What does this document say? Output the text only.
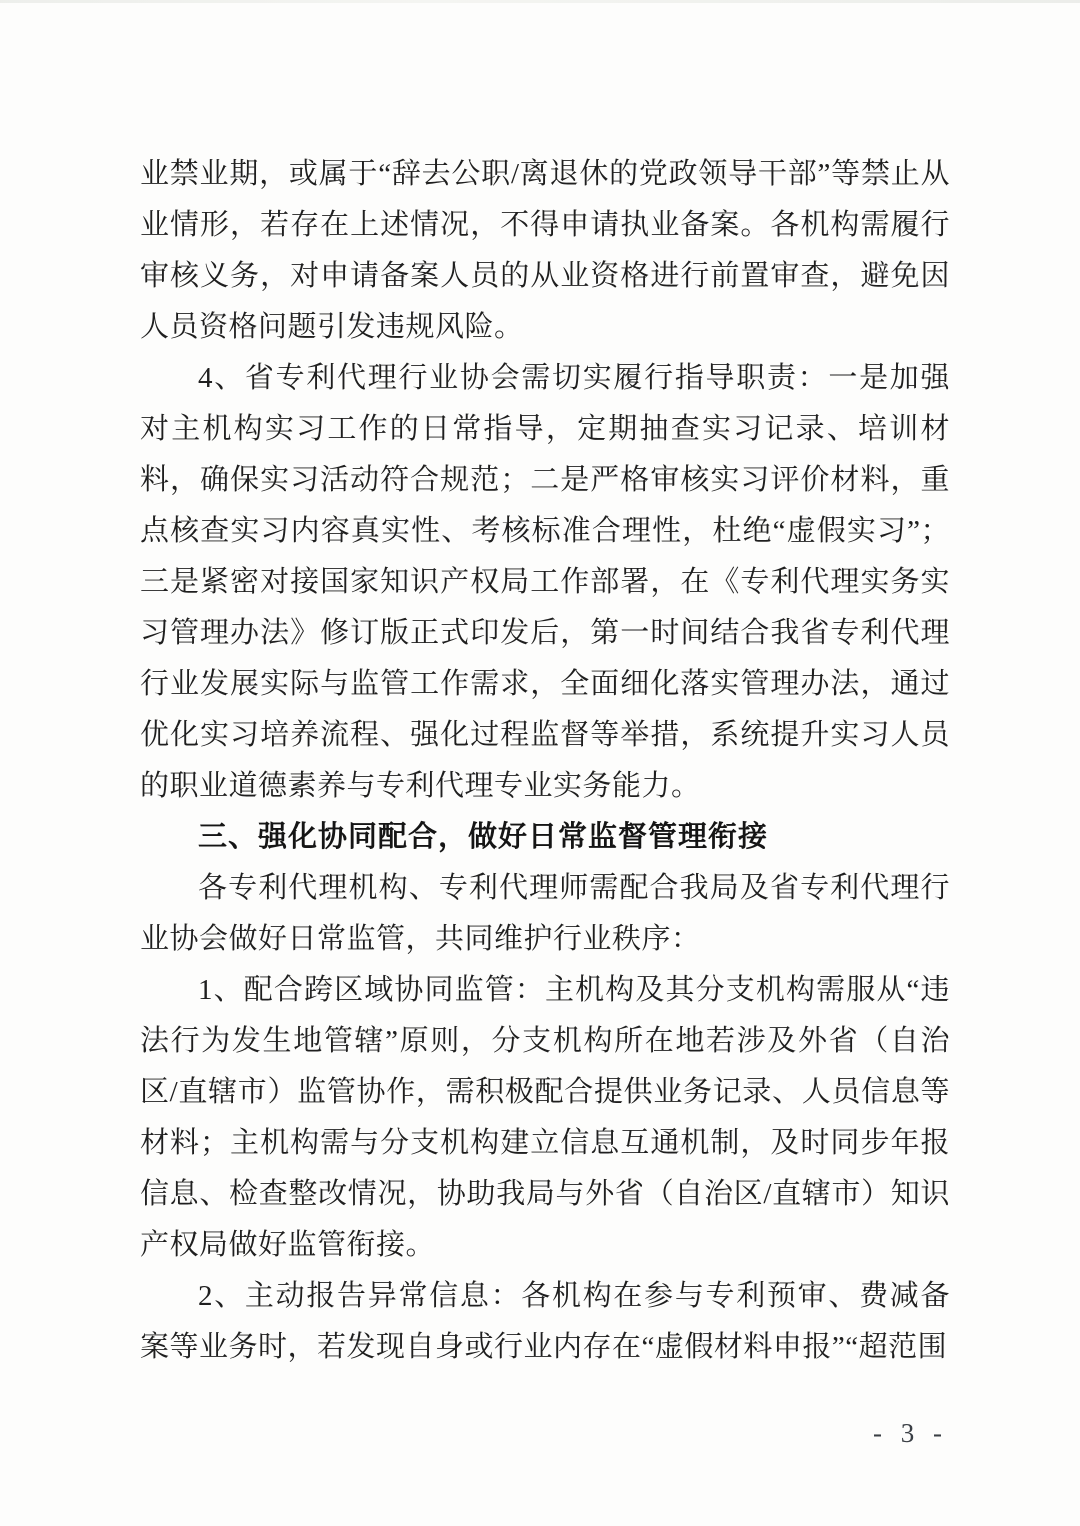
业禁业期，或属于“辞去公职/离退休的党政领导干部”等禁止从业情形，若存在上述情况，不得申请执业备案。各机构需履行审核义务，对申请备案人员的从业资格进行前置审查，避免因人员资格问题引发违规风险。

4、省专利代理行业协会需切实履行指导职责：一是加强对主机构实习工作的日常指导，定期抽查实习记录、培训材料，确保实习活动符合规范；二是严格审核实习评价材料，重点核查实习内容真实性、考核标准合理性，杜绝“虚假实习”；三是紧密对接国家知识产权局工作部署，在《专利代理实务实习管理办法》修订版正式印发后，第一时间结合我省专利代理行业发展实际与监管工作需求，全面细化落实管理办法，通过优化实习培养流程、强化过程监督等举措，系统提升实习人员的职业道德素养与专利代理专业实务能力。

三、强化协同配合，做好日常监督管理衔接

各专利代理机构、专利代理师需配合我局及省专利代理行业协会做好日常监管，共同维护行业秩序：

1、配合跨区域协同监管：主机构及其分支机构需服从“违法行为发生地管辖”原则，分支机构所在地若涉及外省（自治区/直辖市）监管协作，需积极配合提供业务记录、人员信息等材料；主机构需与分支机构建立信息互通机制，及时同步年报信息、检查整改情况，协助我局与外省（自治区/直辖市）知识产权局做好监管衔接。

2、主动报告异常信息：各机构在参与专利预审、费减备案等业务时，若发现自身或行业内存在“虚假材料申报”“超范围

- 3 -
